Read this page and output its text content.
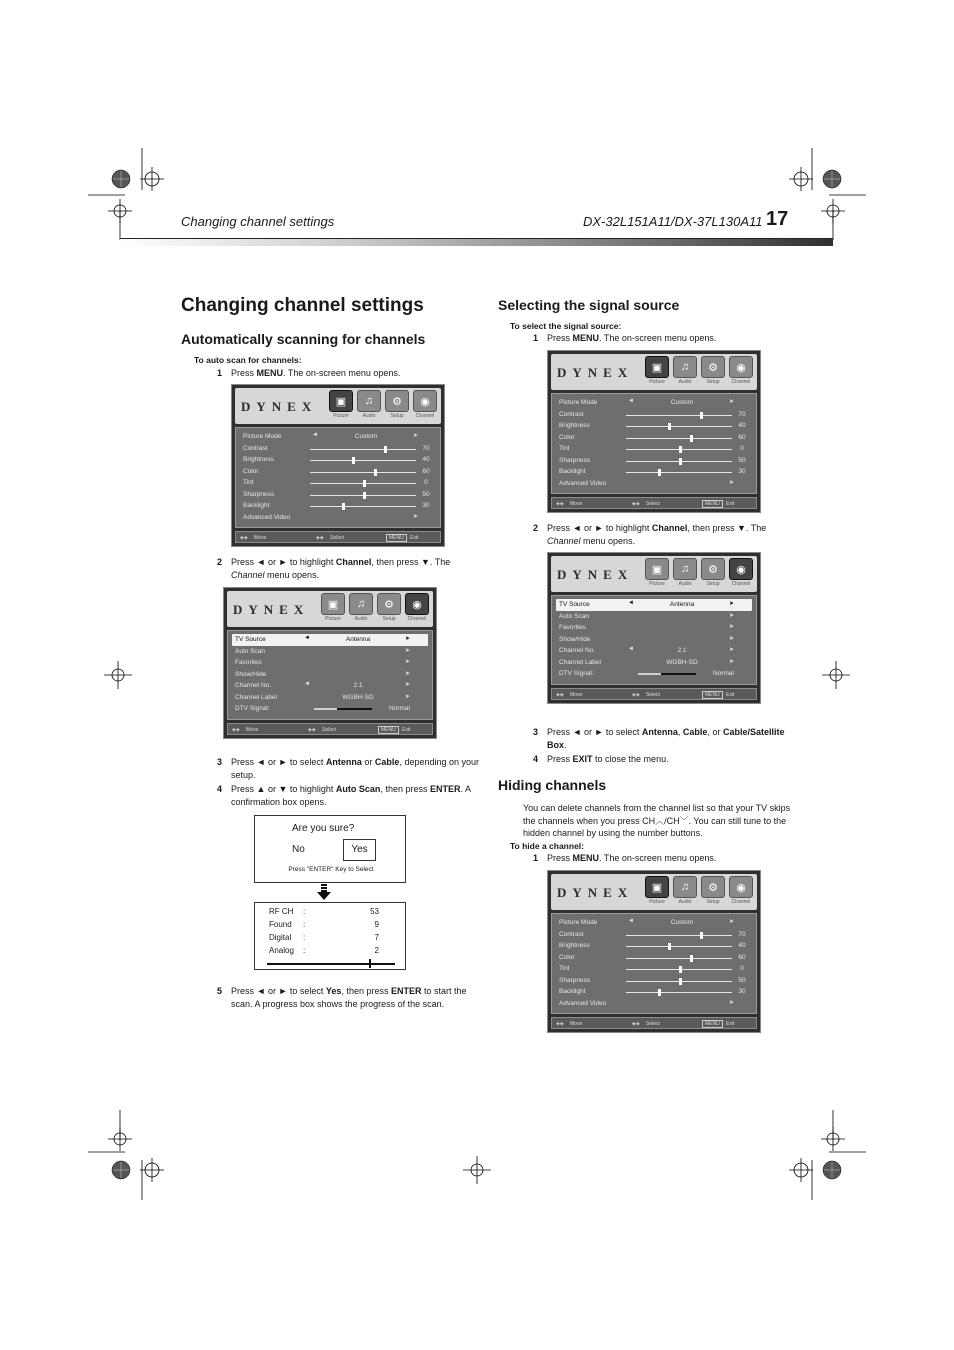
Changing channel settings	DX-32L151A11/DX-37L130A11 17
Changing channel settings
Automatically scanning for channels
To auto scan for channels:
1 Press MENU. The on-screen menu opens.
DYNEX	▣
Picture
♫
Audio
⚙
Setup
◉
Channel
Picture Mode	◄	Custom	➤
Contrast	70
Brightness	40
Color	60
Tint	0
Sharpness	50
Backlight	30
Advanced Video	➤
◈◈ Move	◈◈ Select	MENU	Exit
2 Press ◄ or ► to highlight Channel, then press ▼. The Channel menu opens.
DYNEX	▣
Picture
♫
Audio
⚙
Setup
◉
Channel
TV Source	◄	Antenna	➤
Auto Scan	➤
Favorites	➤
Show/Hide	➤
Channel No.	◄	2.1	➤
Channel Label	WGBH-SD	➤
DTV Signal:	Normal
◈◈ Move	◈◈ Select	MENU	Exit
3 Press ◄ or ► to select Antenna or Cable, depending on your setup.
4 Press ▲ or ▼ to highlight Auto Scan, then press ENTER. A confirmation box opens.
Are you sure?
No	Yes
Press "ENTER" Key to Select
RF CH :	53
Found :	9
Digital :	7
Analog :	2
5 Press ◄ or ► to select Yes, then press ENTER to start the scan. A progress box shows the progress of the scan.
Selecting the signal source
To select the signal source:
1 Press MENU. The on-screen menu opens.
DYNEX	▣
Picture
♫
Audio
⚙
Setup
◉
Channel
Picture Mode	◄	Custom	➤
Contrast	70
Brightness	40
Color	60
Tint	0
Sharpness	50
Backlight	30
Advanced Video	➤
◈◈ Move	◈◈ Select	MENU	Exit
2 Press ◄ or ► to highlight Channel, then press ▼. The Channel menu opens.
DYNEX	▣
Picture
♫
Audio
⚙
Setup
◉
Channel
TV Source	◄	Antenna	➤
Auto Scan	➤
Favorites	➤
Show/Hide	➤
Channel No.	◄	2.1	➤
Channel Label	WGBH-SD	➤
DTV Signal:	Normal
◈◈ Move	◈◈ Select	MENU	Exit
3 Press ◄ or ► to select Antenna, Cable, or Cable/Satellite Box.
4 Press EXIT to close the menu.
Hiding channels
You can delete channels from the channel list so that your TV skips the channels when you press CH︿/CH﹀. You can still tune to the hidden channel by using the number buttons.
To hide a channel:
1 Press MENU. The on-screen menu opens.
DYNEX	▣
Picture
♫
Audio
⚙
Setup
◉
Channel
Picture Mode	◄	Custom	➤
Contrast	70
Brightness	40
Color	60
Tint	0
Sharpness	50
Backlight	30
Advanced Video	➤
◈◈ Move	◈◈ Select	MENU	Exit
